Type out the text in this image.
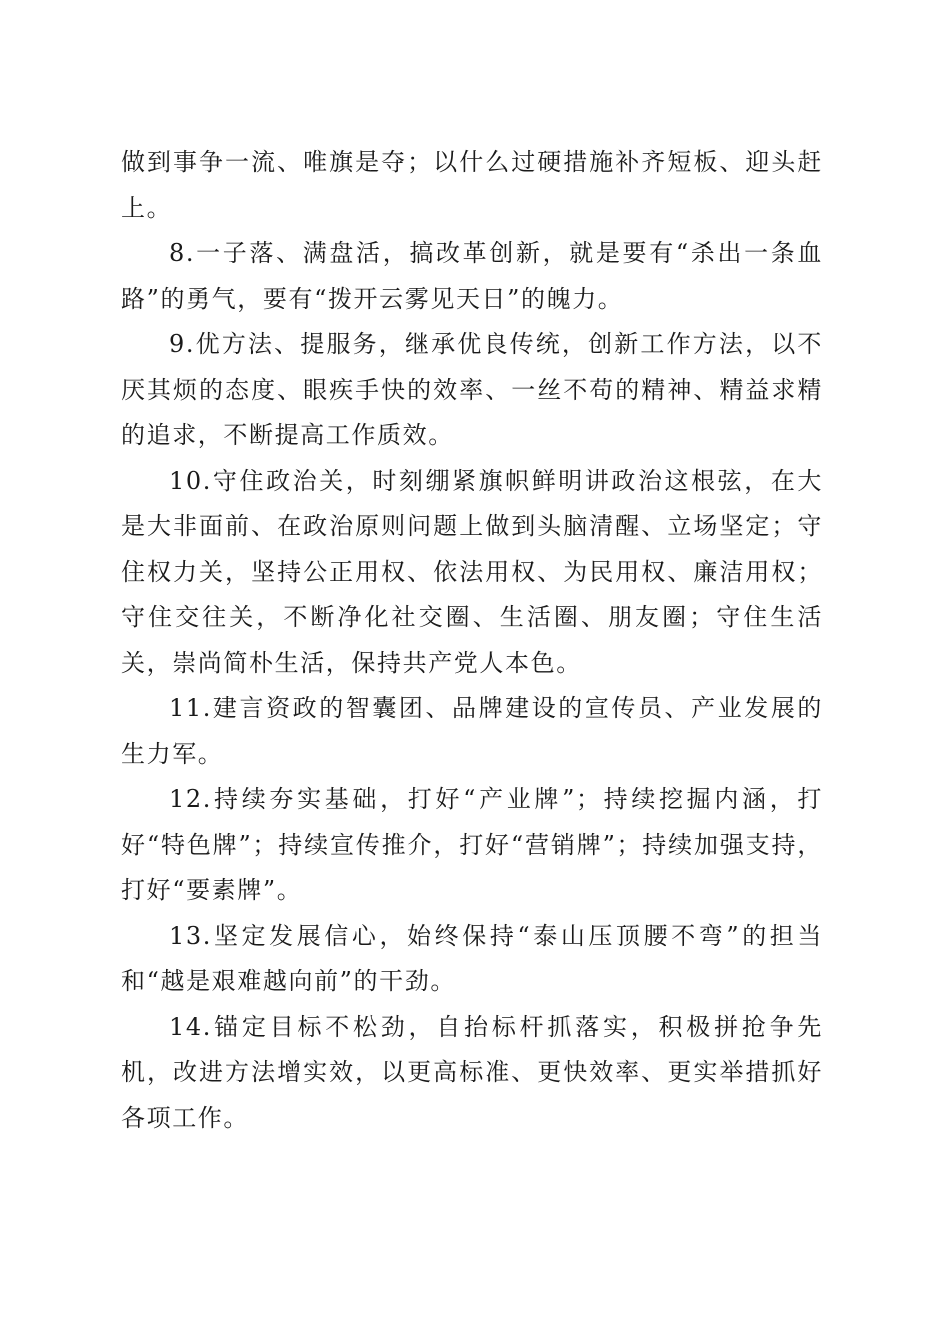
做到事争一流、唯旗是夺；以什么过硬措施补齐短板、迎头赶上。

8.一子落、满盘活，搞改革创新，就是要有“杀出一条血路”的勇气，要有“拨开云雾见天日”的魄力。

9.优方法、提服务，继承优良传统，创新工作方法，以不厌其烦的态度、眼疾手快的效率、一丝不苟的精神、精益求精的追求，不断提高工作质效。

10.守住政治关，时刻绷紧旗帜鲜明讲政治这根弦，在大是大非面前、在政治原则问题上做到头脑清醒、立场坚定；守住权力关，坚持公正用权、依法用权、为民用权、廉洁用权；守住交往关，不断净化社交圈、生活圈、朋友圈；守住生活关，崇尚简朴生活，保持共产党人本色。

11.建言资政的智囊团、品牌建设的宣传员、产业发展的生力军。

12.持续夯实基础，打好“产业牌”；持续挖掘内涵，打好“特色牌”；持续宣传推介，打好“营销牌”；持续加强支持，打好“要素牌”。

13.坚定发展信心，始终保持“泰山压顶腰不弯”的担当和“越是艰难越向前”的干劲。

14.锚定目标不松劲，自抬标杆抓落实，积极拼抢争先机，改进方法增实效，以更高标准、更快效率、更实举措抓好各项工作。
